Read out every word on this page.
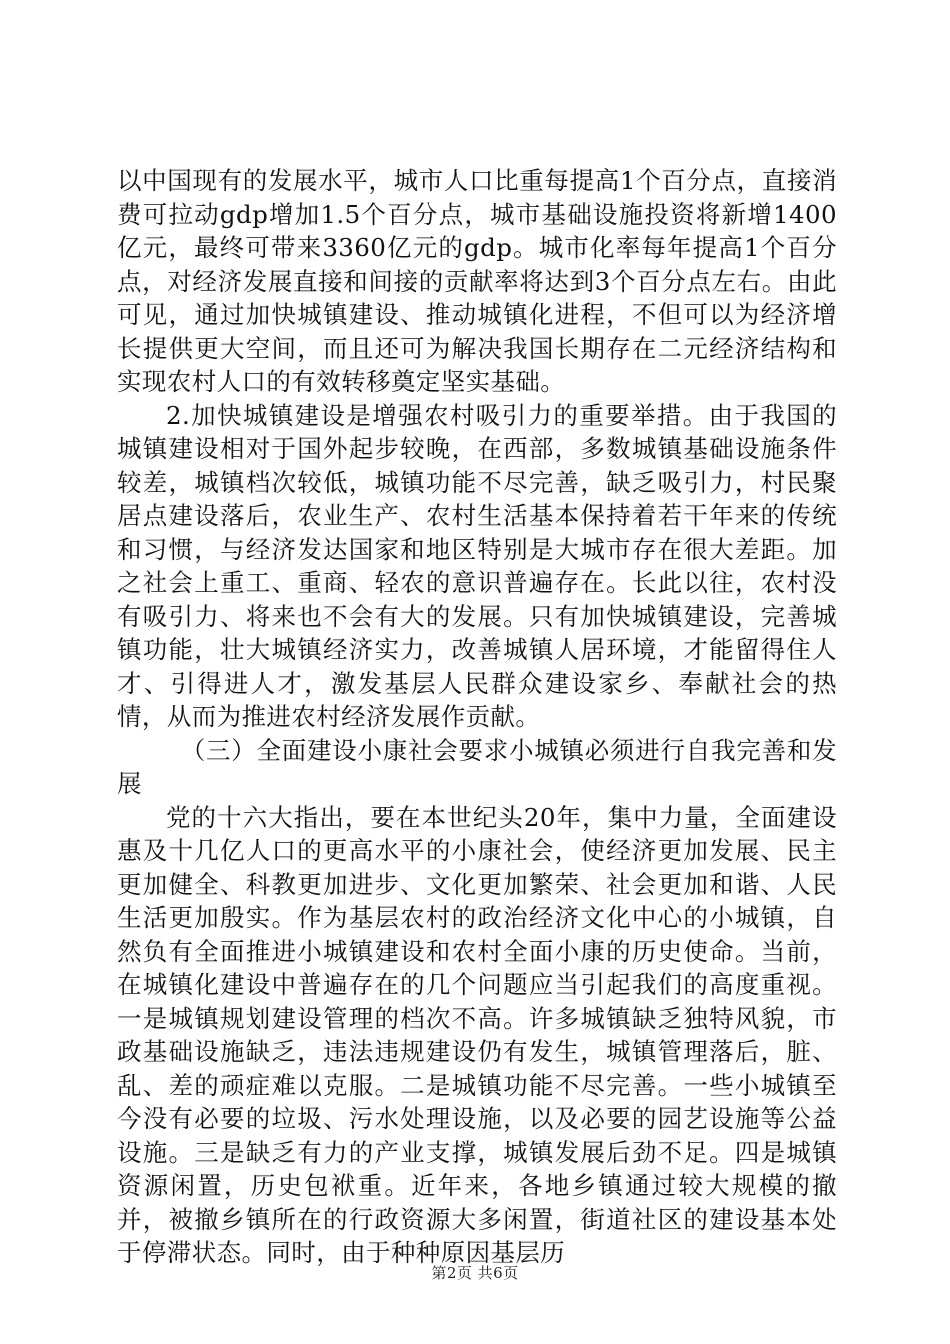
以中国现有的发展水平，城市人口比重每提高1个百分点，直接消费可拉动gdp增加1.5个百分点，城市基础设施投资将新增1400亿元，最终可带来3360亿元的gdp。城市化率每年提高1个百分点，对经济发展直接和间接的贡献率将达到3个百分点左右。由此可见，通过加快城镇建设、推动城镇化进程，不但可以为经济增长提供更大空间，而且还可为解决我国长期存在二元经济结构和实现农村人口的有效转移奠定坚实基础。

2.加快城镇建设是增强农村吸引力的重要举措。由于我国的城镇建设相对于国外起步较晚，在西部，多数城镇基础设施条件较差，城镇档次较低，城镇功能不尽完善，缺乏吸引力，村民聚居点建设落后，农业生产、农村生活基本保持着若干年来的传统和习惯，与经济发达国家和地区特别是大城市存在很大差距。加之社会上重工、重商、轻农的意识普遍存在。长此以往，农村没有吸引力、将来也不会有大的发展。只有加快城镇建设，完善城镇功能，壮大城镇经济实力，改善城镇人居环境，才能留得住人才、引得进人才，激发基层人民群众建设家乡、奉献社会的热情，从而为推进农村经济发展作贡献。

（三）全面建设小康社会要求小城镇必须进行自我完善和发展

党的十六大指出，要在本世纪头20年，集中力量，全面建设惠及十几亿人口的更高水平的小康社会，使经济更加发展、民主更加健全、科教更加进步、文化更加繁荣、社会更加和谐、人民生活更加殷实。作为基层农村的政治经济文化中心的小城镇，自然负有全面推进小城镇建设和农村全面小康的历史使命。当前，在城镇化建设中普遍存在的几个问题应当引起我们的高度重视。一是城镇规划建设管理的档次不高。许多城镇缺乏独特风貌，市政基础设施缺乏，违法违规建设仍有发生，城镇管理落后，脏、乱、差的顽症难以克服。二是城镇功能不尽完善。一些小城镇至今没有必要的垃圾、污水处理设施，以及必要的园艺设施等公益设施。三是缺乏有力的产业支撑，城镇发展后劲不足。四是城镇资源闲置，历史包袱重。近年来，各地乡镇通过较大规模的撤并，被撤乡镇所在的行政资源大多闲置，街道社区的建设基本处于停滞状态。同时，由于种种原因基层历

第2页 共6页
